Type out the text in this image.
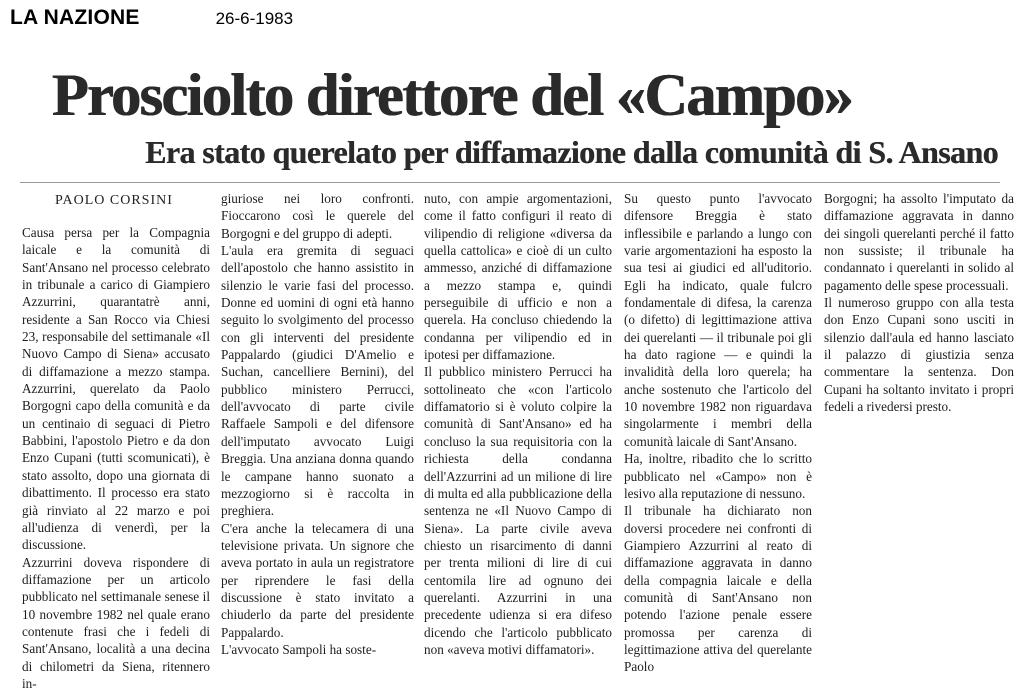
LA NAZIONE	26-6-1983
Prosciolto direttore del «Campo»
Era stato querelato per diffamazione dalla comunità di S. Ansano
PAOLO CORSINI

Causa persa per la Compagnia laicale e la comunità di Sant'Ansano nel processo celebrato in tribunale a carico di Giampiero Azzurrini, quarantatrè anni, residente a San Rocco via Chiesi 23, responsabile del settimanale «Il Nuovo Campo di Siena» accusato di diffamazione a mezzo stampa. Azzurrini, querelato da Paolo Borgogni capo della comunità e da un centinaio di seguaci di Pietro Babbini, l'apostolo Pietro e da don Enzo Cupani (tutti scomunicati), è stato assolto, dopo una giornata di dibattimento. Il processo era stato già rinviato al 22 marzo e poi all'udienza di venerdì, per la discussione.

Azzurrini doveva rispondere di diffamazione per un articolo pubblicato nel settimanale senese il 10 novembre 1982 nel quale erano contenute frasi che i fedeli di Sant'Ansano, località a una decina di chilometri da Siena, ritennero in-

giuriose nei loro confronti. Fioccarono così le querele del Borgogni e del gruppo di adepti.

L'aula era gremita di seguaci dell'apostolo che hanno assistito in silenzio le varie fasi del processo. Donne ed uomini di ogni età hanno seguito lo svolgimento del processo con gli interventi del presidente Pappalardo (giudici D'Amelio e Suchan, cancelliere Bernini), del pubblico ministero Perrucci, dell'avvocato di parte civile Raffaele Sampoli e del difensore dell'imputato avvocato Luigi Breggia. Una anziana donna quando le campane hanno suonato a mezzogiorno si è raccolta in preghiera.

C'era anche la telecamera di una televisione privata. Un signore che aveva portato in aula un registratore per riprendere le fasi della discussione è stato invitato a chiuderlo da parte del presidente Pappalardo.

L'avvocato Sampoli ha soste-

nuto, con ampie argomentazioni, come il fatto configuri il reato di vilipendio di religione «diversa da quella cattolica» e cioè di un culto ammesso, anziché di diffamazione a mezzo stampa e, quindi perseguibile di ufficio e non a querela. Ha concluso chiedendo la condanna per vilipendio ed in ipotesi per diffamazione.

Il pubblico ministero Perrucci ha sottolineato che «con l'articolo diffamatorio si è voluto colpire la comunità di Sant'Ansano» ed ha concluso la sua requisitoria con la richiesta della condanna dell'Azzurrini ad un milione di lire di multa ed alla pubblicazione della sentenza ne «Il Nuovo Campo di Siena». La parte civile aveva chiesto un risarcimento di danni per trenta milioni di lire di cui centomila lire ad ognuno dei querelanti. Azzurrini in una precedente udienza si era difeso dicendo che l'articolo pubblicato non «aveva motivi diffamatori».

Su questo punto l'avvocato difensore Breggia è stato inflessibile e parlando a lungo con varie argomentazioni ha esposto la sua tesi ai giudici ed all'uditorio. Egli ha indicato, quale fulcro fondamentale di difesa, la carenza (o difetto) di legittimazione attiva dei querelanti — il tribunale poi gli ha dato ragione — e quindi la invalidità della loro querela; ha anche sostenuto che l'articolo del 10 novembre 1982 non riguardava singolarmente i membri della comunità laicale di Sant'Ansano.

Ha, inoltre, ribadito che lo scritto pubblicato nel «Campo» non è lesivo alla reputazione di nessuno.

Il tribunale ha dichiarato non doversi procedere nei confronti di Giampiero Azzurrini al reato di diffamazione aggravata in danno della compagnia laicale e della comunità di Sant'Ansano non potendo l'azione penale essere promossa per carenza di legittimazione attiva del querelante Paolo

Borgogni; ha assolto l'imputato da diffamazione aggravata in danno dei singoli querelanti perché il fatto non sussiste; il tribunale ha condannato i querelanti in solido al pagamento delle spese processuali.

Il numeroso gruppo con alla testa don Enzo Cupani sono usciti in silenzio dall'aula ed hanno lasciato il palazzo di giustizia senza commentare la sentenza. Don Cupani ha soltanto invitato i propri fedeli a rivedersi presto.
